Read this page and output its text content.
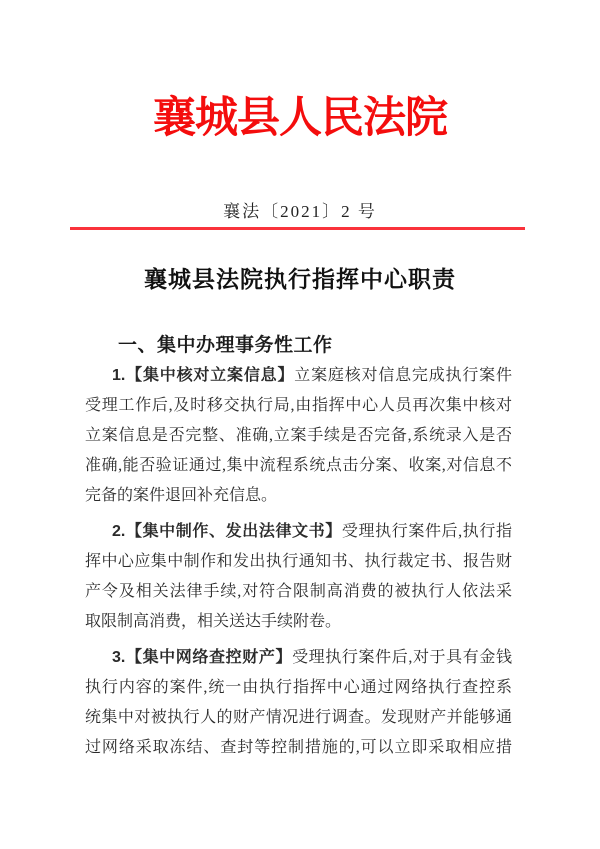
襄城县人民法院
襄法〔2021〕2 号
襄城县法院执行指挥中心职责
一、集中办理事务性工作
1.【集中核对立案信息】立案庭核对信息完成执行案件
受理工作后,及时移交执行局,由指挥中心人员再次集中核对
立案信息是否完整、准确,立案手续是否完备,系统录入是否
准确,能否验证通过,集中流程系统点击分案、收案,对信息不
完备的案件退回补充信息。
2.【集中制作、发出法律文书】受理执行案件后,执行指
挥中心应集中制作和发出执行通知书、执行裁定书、报告财
产令及相关法律手续,对符合限制高消费的被执行人依法采
取限制高消费，相关送达手续附卷。
3.【集中网络查控财产】受理执行案件后,对于具有金钱
执行内容的案件,统一由执行指挥中心通过网络执行查控系
统集中对被执行人的财产情况进行调查。发现财产并能够通
过网络采取冻结、查封等控制措施的,可以立即采取相应措
